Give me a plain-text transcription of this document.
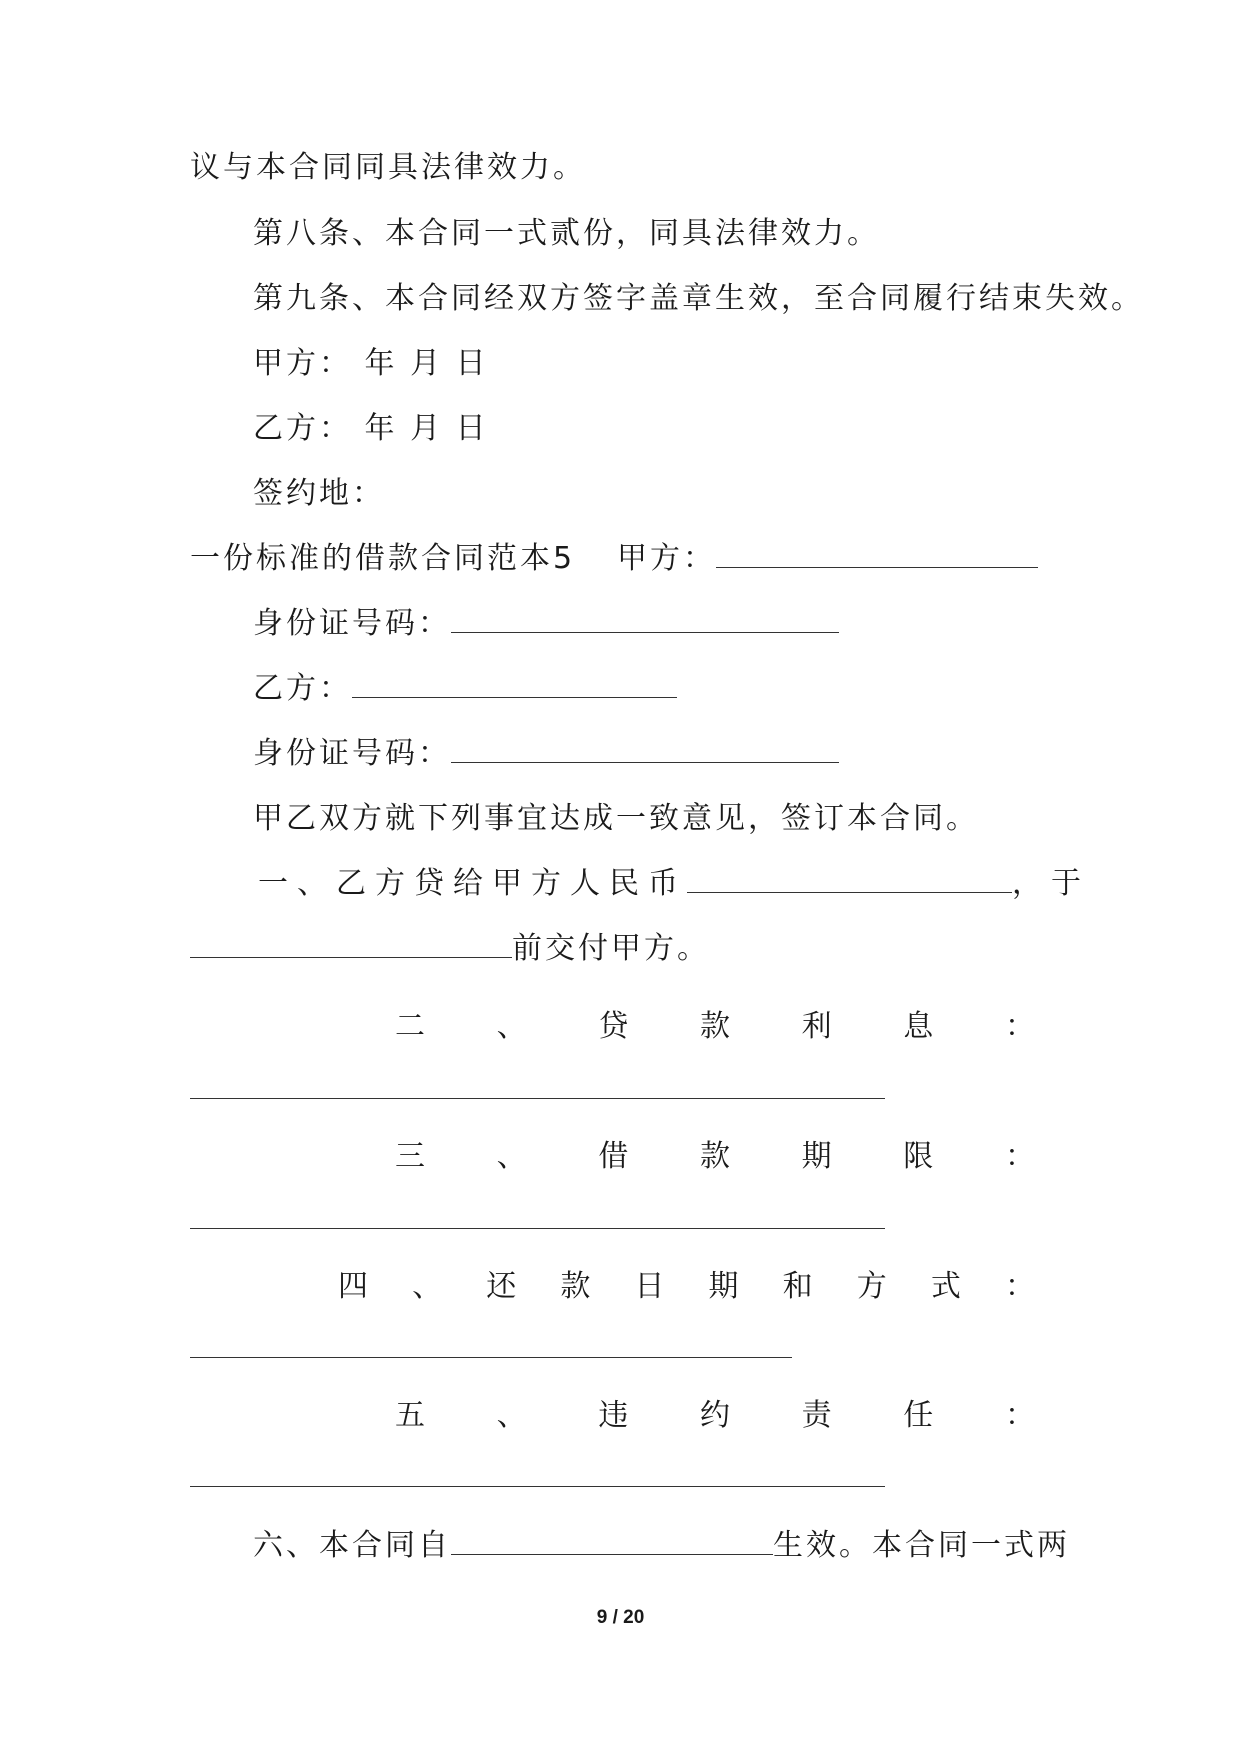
议与本合同同具法律效力。
第八条、本合同一式贰份，同具法律效力。
第九条、本合同经双方签字盖章生效，至合同履行结束失效。
甲方： 年 月 日
乙方： 年 月 日
签约地：
一份标准的借款合同范本5 甲方：
身份证号码：
乙方：
身份证号码：
甲乙双方就下列事宜达成一致意见，签订本合同。
一、乙方贷给甲方人民币	，于
前交付甲方。
二 、 贷 款 利 息 ：
三 、 借 款 期 限 ：
四 、 还 款 日 期 和 方 式 ：
五 、 违 约 责 任 ：
六、本合同自	生效。本合同一式两
9 / 20
